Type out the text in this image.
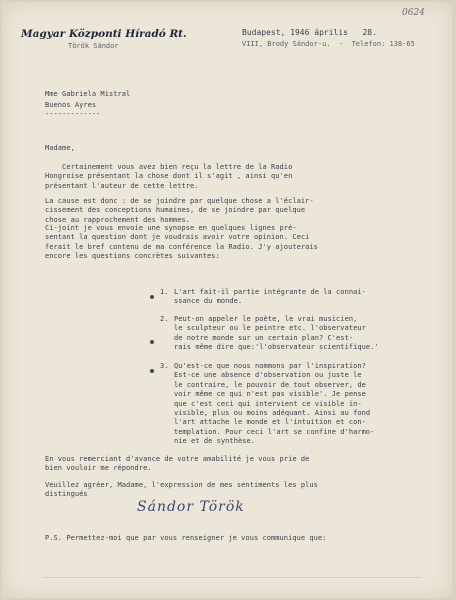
0624
Magyar Központi Híradó Rt.
Török Sándor
Budapest, 1946 április 28.
VIII, Brody Sándor-u.  -  Telefon: 138-65
Mme Gabriela Mistral
Buenos Ayres
-------------
Madame,
Certainement vous avez bien reçu la lettre de la Radio
Hongroise présentant la chose dont il s'agit , ainsi qu'en
présentant l'auteur de cette lettre.
La cause est donc : de se joindre par quelque chose a l'éclair-
cissement des conceptions humaines, de se joindre par quelque
chose au rapprochement des hommes.
Ci-joint je vous envoie une synopse en quelques lignes pré-
sentant la question dont je voudrais avoir votre opinion. Ceci
ferait le bref contenu de ma conférence la Radio. J'y ajouterais
encore les questions concrètes suivantes:
1. L'art fait-il partie intégrante de la connai-
ssance du monde.
2. Peut-on appeler le poète, le vrai musicien,
le sculpteur ou le peintre etc. l'observateur
de notre monde sur un certain plan? C'est-
rais même dire que:'l'observateur scientifique.'
3. Qu'est-ce que nous nommons par l'inspiration?
Est-ce une absence d'observation ou juste le
le contraire, le pouvoir de tout observer, de
voir même ce qui n'est pas visible'. Je pense
que c'est ceci qui intervient ce visible in-
visible, plus ou moins adéquant. Ainsi au fond
l'art attache le monde et l'intuition et con-
templation. Pour ceci l'art se confine d'harmo-
nie et de synthèse.
En vous remerciant d'avance de votre amabilité je vous prie de
bien vouloir me répondre.
Veuillez agréer, Madame, l'expression de mes sentiments les plus
distingués
Sándor Török
P.S. Permettez-moi que par vous renseigner je vous communique que:
